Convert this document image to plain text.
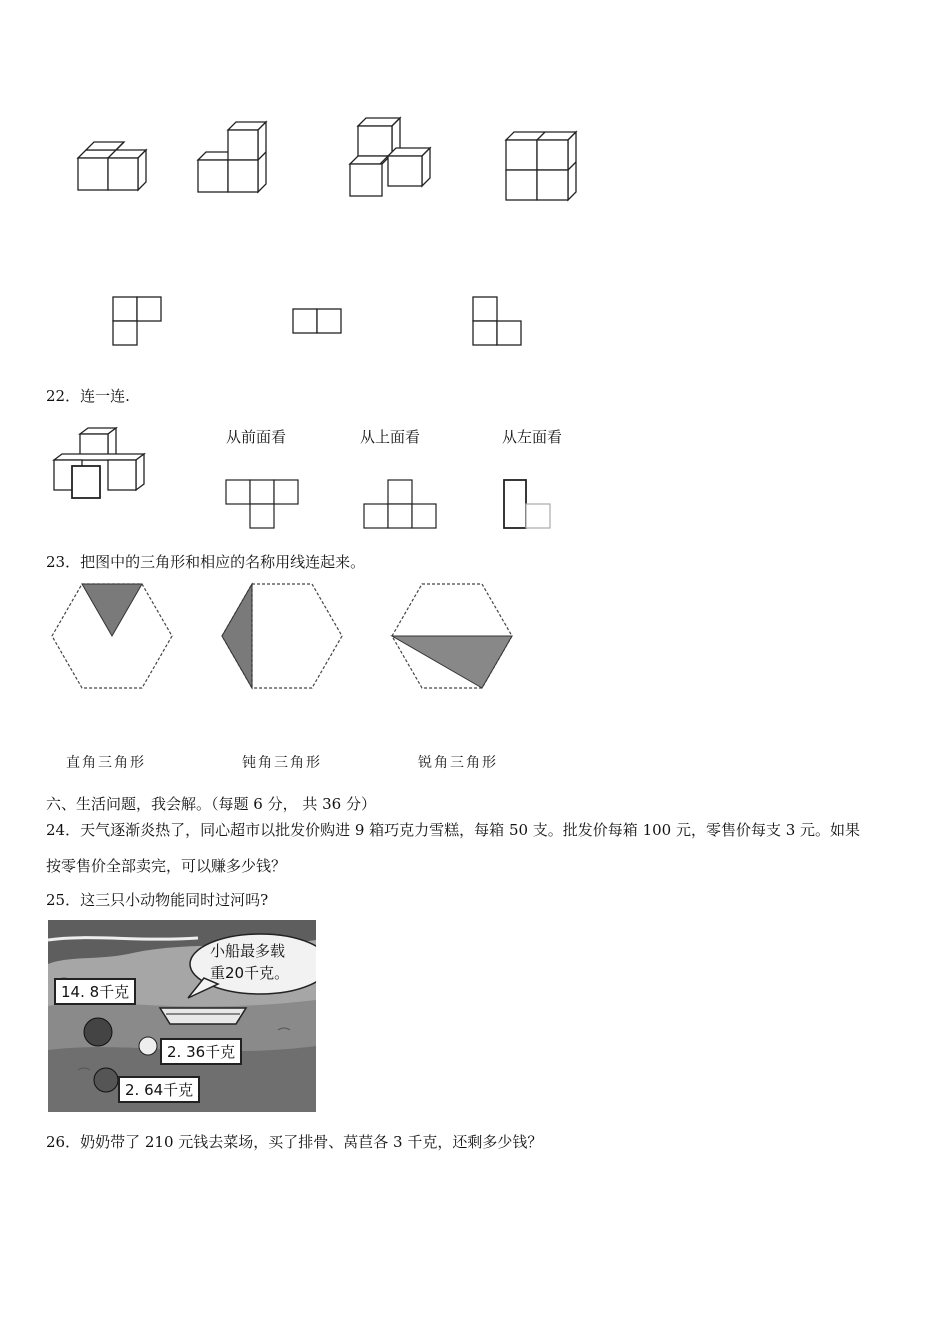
22．连一连.
从前面看	从上面看	从左面看
23．把图中的三角形和相应的名称用线连起来。
直角三角形	钝角三角形	锐角三角形
六、生活问题，我会解。（每题 6 分， 共 36 分）
24．天气逐渐炎热了，同心超市以批发价购进 9 箱巧克力雪糕，每箱 50 支。批发价每箱 100 元，零售价每支 3 元。如果
按零售价全部卖完，可以赚多少钱？
25．这三只小动物能同时过河吗?
小船最多载
重20千克。
14. 8千克
2. 36千克
2. 64千克
26．奶奶带了 210 元钱去菜场，买了排骨、莴苣各 3 千克，还剩多少钱？
